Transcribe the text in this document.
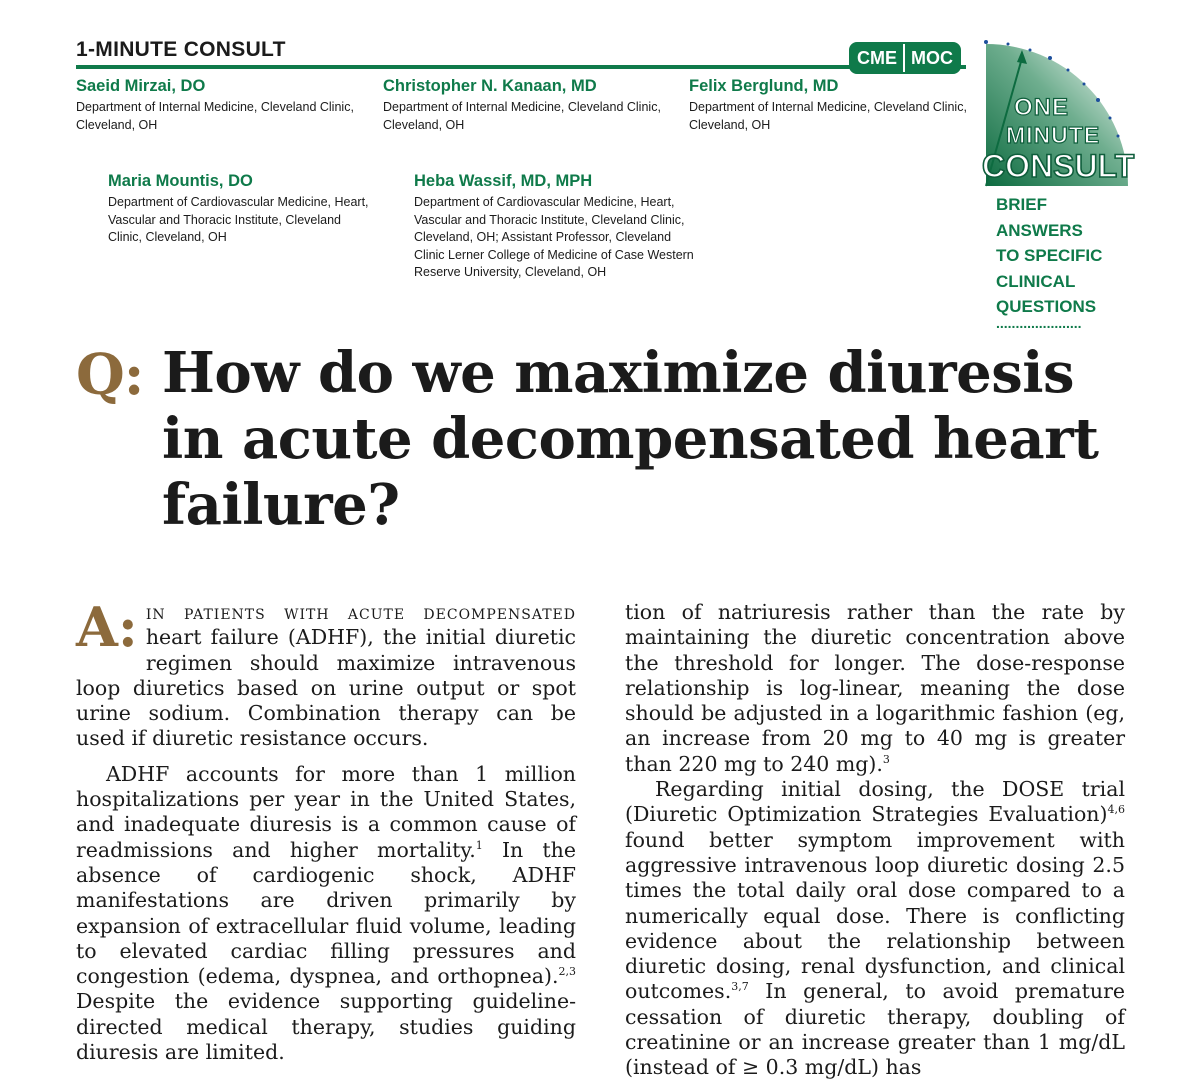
1-MINUTE CONSULT	CME MOC
Saeid Mirzai, DO
Department of Internal Medicine, Cleveland Clinic, Cleveland, OH
Christopher N. Kanaan, MD
Department of Internal Medicine, Cleveland Clinic, Cleveland, OH
Felix Berglund, MD
Department of Internal Medicine, Cleveland Clinic, Cleveland, OH
Maria Mountis, DO
Department of Cardiovascular Medicine, Heart, Vascular and Thoracic Institute, Cleveland Clinic, Cleveland, OH
Heba Wassif, MD, MPH
Department of Cardiovascular Medicine, Heart, Vascular and Thoracic Institute, Cleveland Clinic, Cleveland, OH; Assistant Professor, Cleveland Clinic Lerner College of Medicine of Case Western Reserve University, Cleveland, OH
ONE
MINUTE
CONSULT
BRIEF
ANSWERS
TO SPECIFIC
CLINICAL
QUESTIONS
......................
Q: How do we maximize diuresis in acute decompensated heart failure?

A: in patients with acute decompensated heart failure (ADHF), the initial diuretic regimen should maximize intravenous loop diuretics based on urine output or spot urine sodium. Combination therapy can be used if diuretic resistance occurs.

ADHF accounts for more than 1 million hospitalizations per year in the United States, and inadequate diuresis is a common cause of readmissions and higher mortality.$^1$ In the absence of cardiogenic shock, ADHF manifestations are driven primarily by expansion of extracellular fluid volume, leading to elevated cardiac filling pressures and congestion (edema, dyspnea, and orthopnea).$^{2,3}$ Despite the evidence supporting guideline-directed medical therapy, studies guiding diuresis are limited.

tion of natriuresis rather than the rate by maintaining the diuretic concentration above the threshold for longer. The dose-response relationship is log-linear, meaning the dose should be adjusted in a logarithmic fashion (eg, an increase from 20 mg to 40 mg is greater than 220 mg to 240 mg).$^3$

Regarding initial dosing, the DOSE trial (Diuretic Optimization Strategies Evaluation)$^{4,6}$ found better symptom improvement with aggressive intravenous loop diuretic dosing 2.5 times the total daily oral dose compared to a numerically equal dose. There is conflicting evidence about the relationship between diuretic dosing, renal dysfunction, and clinical outcomes.$^{3,7}$ In general, to avoid premature cessation of diuretic therapy, doubling of creatinine or an increase greater than 1 mg/dL (instead of ≥ 0.3 mg/dL) has
